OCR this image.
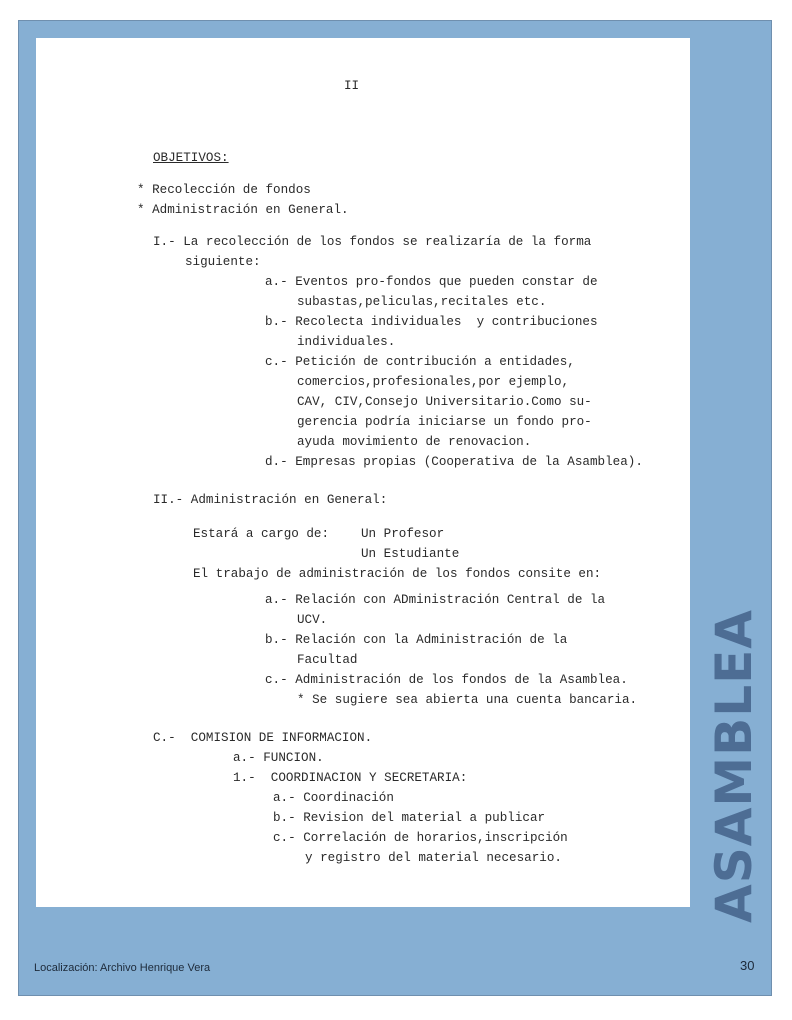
II
OBJETIVOS:
* Recolección de fondos
* Administración en General.
I.- La recolección de los fondos se realizaría de la forma
siguiente:
a.- Eventos pro-fondos que pueden constar de
subastas,peliculas,recitales etc.
b.- Recolecta individuales  y contribuciones
individuales.
c.- Petición de contribución a entidades,
comercios,profesionales,por ejemplo,
CAV, CIV,Consejo Universitario.Como su-
gerencia podría iniciarse un fondo pro-
ayuda movimiento de renovacion.
d.- Empresas propias (Cooperativa de la Asamblea).
II.- Administración en General:
Estará a cargo de:	Un Profesor
Un Estudiante
El trabajo de administración de los fondos consite en:
a.- Relación con ADministración Central de la
UCV.
b.- Relación con la Administración de la
Facultad
c.- Administración de los fondos de la Asamblea.
* Se sugiere sea abierta una cuenta bancaria.
C.-  COMISION DE INFORMACION.
a.- FUNCION.
1.-  COORDINACION Y SECRETARIA:
a.- Coordinación
b.- Revision del material a publicar
c.- Correlación de horarios,inscripción
y registro del material necesario.	ASAMBLEA
Localización: Archivo Henrique Vera	30
